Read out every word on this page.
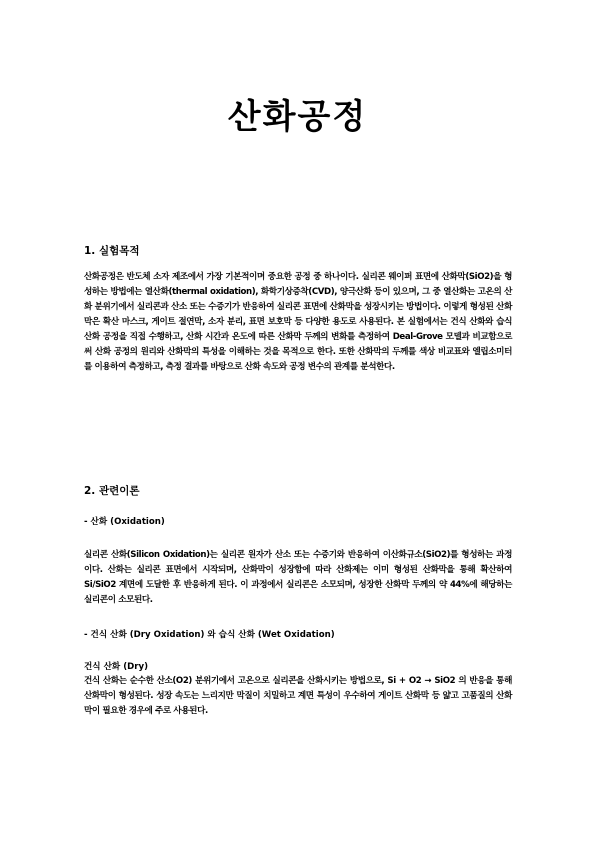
산화공정
1. 실험목적
산화공정은 반도체 소자 제조에서 가장 기본적이며 중요한 공정 중 하나이다. 실리콘 웨이퍼 표면에 산화막(SiO2)을 형성하는 방법에는 열산화(thermal oxidation), 화학기상증착(CVD), 양극산화 등이 있으며, 그 중 열산화는 고온의 산화 분위기에서 실리콘과 산소 또는 수증기가 반응하여 실리콘 표면에 산화막을 성장시키는 방법이다. 이렇게 형성된 산화막은 확산 마스크, 게이트 절연막, 소자 분리, 표면 보호막 등 다양한 용도로 사용된다. 본 실험에서는 건식 산화와 습식 산화 공정을 직접 수행하고, 산화 시간과 온도에 따른 산화막 두께의 변화를 측정하여 Deal-Grove 모델과 비교함으로써 산화 공정의 원리와 산화막의 특성을 이해하는 것을 목적으로 한다. 또한 산화막의 두께를 색상 비교표와 엘립소미터를 이용하여 측정하고, 측정 결과를 바탕으로 산화 속도와 공정 변수의 관계를 분석한다.
2. 관련이론
- 산화 (Oxidation)
실리콘 산화(Silicon Oxidation)는 실리콘 원자가 산소 또는 수증기와 반응하여 이산화규소(SiO2)를 형성하는 과정이다. 산화는 실리콘 표면에서 시작되며, 산화막이 성장함에 따라 산화제는 이미 형성된 산화막을 통해 확산하여 Si/SiO2 계면에 도달한 후 반응하게 된다. 이 과정에서 실리콘은 소모되며, 성장한 산화막 두께의 약 44%에 해당하는 실리콘이 소모된다.
- 건식 산화 (Dry Oxidation) 와 습식 산화 (Wet Oxidation)
건식 산화 (Dry)
건식 산화는 순수한 산소(O2) 분위기에서 고온으로 실리콘을 산화시키는 방법으로, Si + O2 → SiO2 의 반응을 통해 산화막이 형성된다. 성장 속도는 느리지만 막질이 치밀하고 계면 특성이 우수하여 게이트 산화막 등 얇고 고품질의 산화막이 필요한 경우에 주로 사용된다.
